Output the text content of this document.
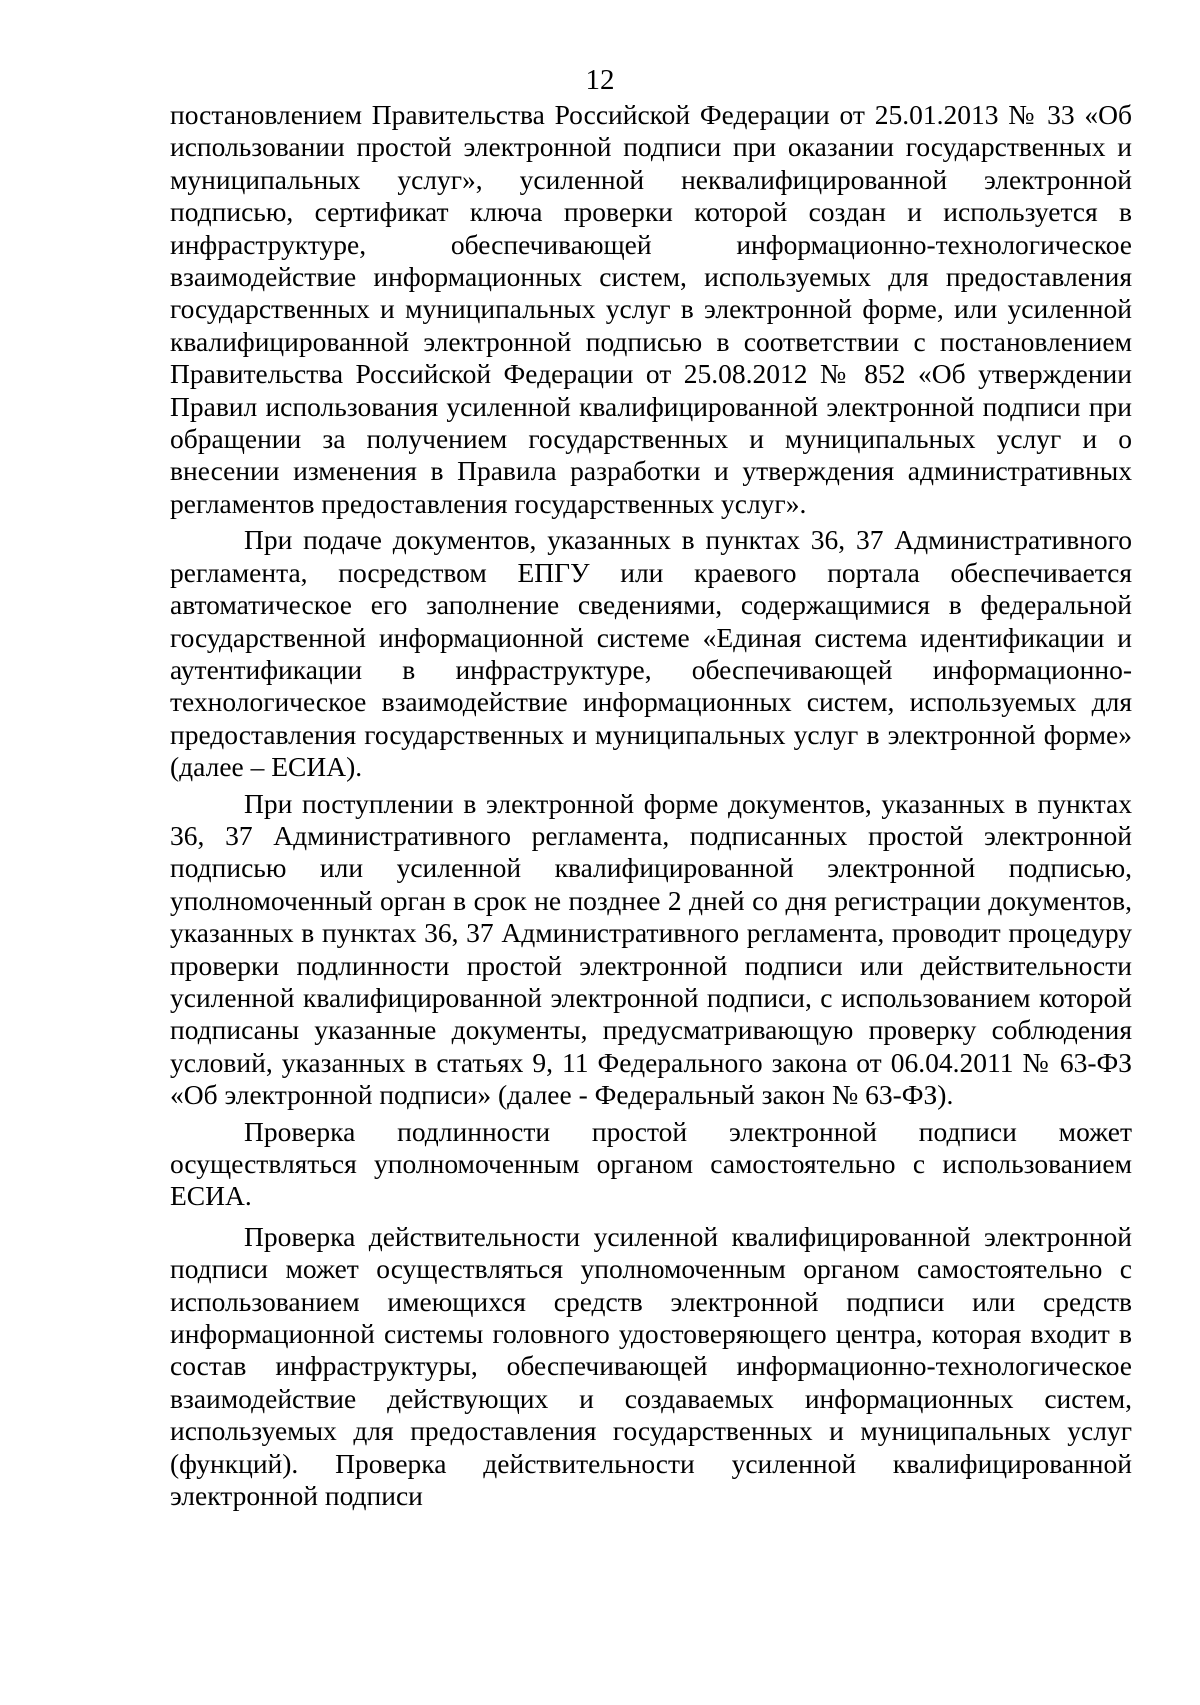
12

постановлением Правительства Российской Федерации от 25.01.2013 № 33 «Об использовании простой электронной подписи при оказании государственных и муниципальных услуг», усиленной неквалифицированной электронной подписью, сертификат ключа проверки которой создан и используется в инфраструктуре, обеспечивающей информационно-технологическое взаимодействие информационных систем, используемых для предоставления государственных и муниципальных услуг в электронной форме, или усиленной квалифицированной электронной подписью в соответствии с постановлением Правительства Российской Федерации от 25.08.2012 № 852 «Об утверждении Правил использования усиленной квалифицированной электронной подписи при обращении за получением государственных и муниципальных услуг и о внесении изменения в Правила разработки и утверждения административных регламентов предоставления государственных услуг».

При подаче документов, указанных в пунктах 36, 37 Административного регламента, посредством ЕПГУ или краевого портала обеспечивается автоматическое его заполнение сведениями, содержащимися в федеральной государственной информационной системе «Единая система идентификации и аутентификации в инфраструктуре, обеспечивающей информационно-технологическое взаимодействие информационных систем, используемых для предоставления государственных и муниципальных услуг в электронной форме» (далее – ЕСИА).

При поступлении в электронной форме документов, указанных в пунктах 36, 37 Административного регламента, подписанных простой электронной подписью или усиленной квалифицированной электронной подписью, уполномоченный орган в срок не позднее 2 дней со дня регистрации документов, указанных в пунктах 36, 37 Административного регламента, проводит процедуру проверки подлинности простой электронной подписи или действительности усиленной квалифицированной электронной подписи, с использованием которой подписаны указанные документы, предусматривающую проверку соблюдения условий, указанных в статьях 9, 11 Федерального закона от 06.04.2011 № 63-ФЗ «Об электронной подписи» (далее - Федеральный закон № 63-ФЗ).

Проверка подлинности простой электронной подписи может осуществляться уполномоченным органом самостоятельно с использованием ЕСИА.

Проверка действительности усиленной квалифицированной электронной подписи может осуществляться уполномоченным органом самостоятельно с использованием имеющихся средств электронной подписи или средств информационной системы головного удостоверяющего центра, которая входит в состав инфраструктуры, обеспечивающей информационно-технологическое взаимодействие действующих и создаваемых информационных систем, используемых для предоставления государственных и муниципальных услуг (функций). Проверка действительности усиленной квалифицированной электронной подписи
